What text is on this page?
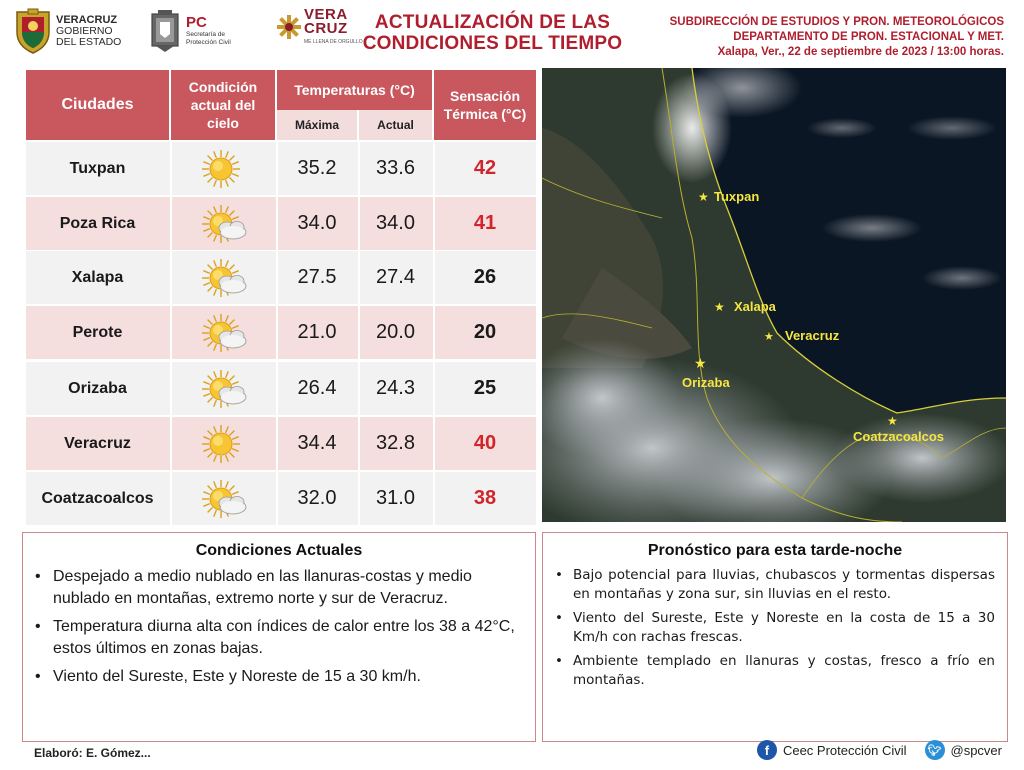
VERACRUZ
GOBIERNO
DEL ESTADO
PC
Secretaría de Protección Civil
VERA
CRUZ
ME LLENA DE ORGULLO
ACTUALIZACIÓN DE LAS
CONDICIONES DEL TIEMPO
SUBDIRECCIÓN DE ESTUDIOS Y PRON. METEOROLÓGICOS
DEPARTAMENTO DE PRON. ESTACIONAL Y MET.
Xalapa, Ver., 22 de septiembre de 2023 / 13:00 horas.
Ciudades
Condición actual del cielo
Temperaturas (°C)
Máxima	Actual
Sensación Térmica (°C)
Tuxpan	35.2	33.6	42
Poza Rica	34.0	34.0	41
Xalapa	27.5	27.4	26
Perote	21.0	20.0	20
Orizaba	26.4	24.3	25
Veracruz	34.4	32.8	40
Coatzacoalcos	32.0	31.0	38
★
★
★
★
★
Tuxpan
Xalapa
Veracruz
Orizaba
Coatzacoalcos
Condiciones Actuales
• Despejado a medio nublado en las llanuras-costas y medio nublado en montañas, extremo norte y sur de Veracruz.
• Temperatura diurna alta con índices de calor entre los 38 a 42°C, estos últimos en zonas bajas.
• Viento del Sureste, Este y Noreste de 15 a 30 km/h.
Pronóstico para esta tarde-noche
• Bajo potencial para lluvias, chubascos y tormentas dispersas en montañas y zona sur, sin lluvias en el resto.
• Viento del Sureste, Este y Noreste en la costa de 15 a 30 Km/h con rachas frescas.
• Ambiente templado en llanuras y costas, fresco a frío en montañas.
Elaboró: E. Gómez...	f	Ceec Protección Civil 🐦︎ @spcver
